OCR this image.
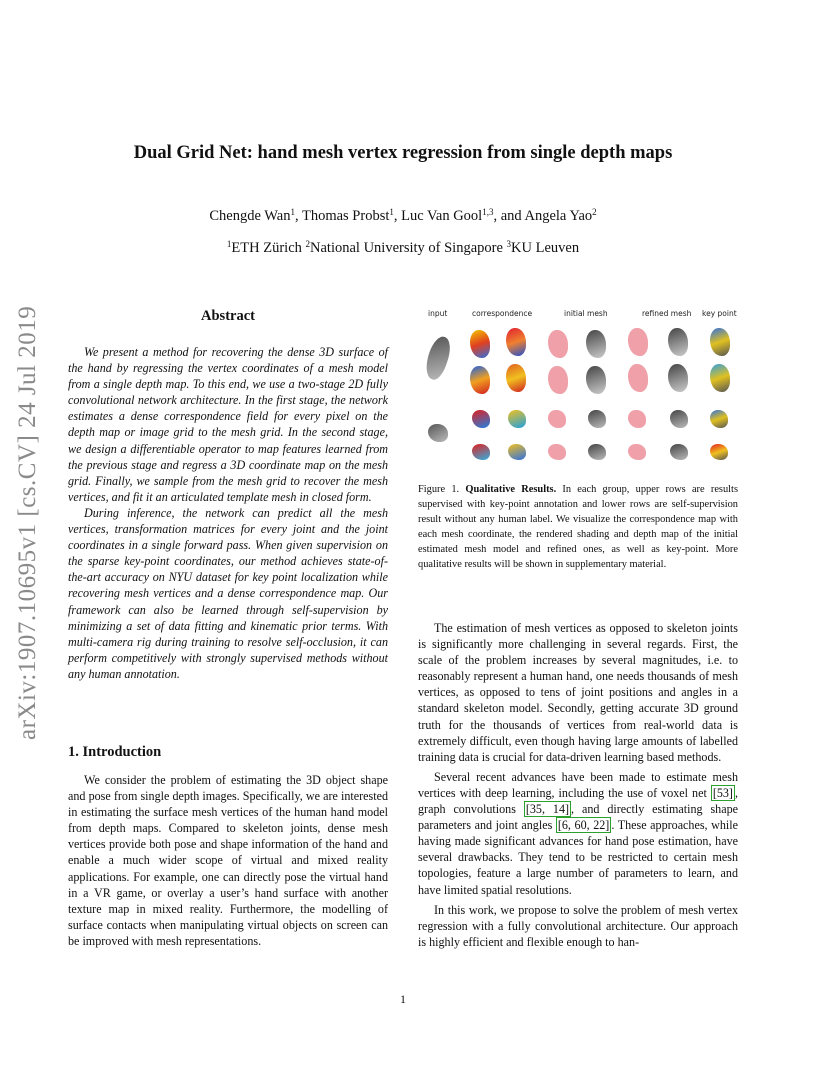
arXiv:1907.10695v1 [cs.CV] 24 Jul 2019
Dual Grid Net: hand mesh vertex regression from single depth maps
Chengde Wan$^1$, Thomas Probst$^1$, Luc Van Gool$^{1,3}$, and Angela Yao$^2$
$^1$ETH Zürich $^2$National University of Singapore $^3$KU Leuven
Abstract

We present a method for recovering the dense 3D surface of the hand by regressing the vertex coordinates of a mesh model from a single depth map. To this end, we use a two-stage 2D fully convolutional network architecture. In the first stage, the network estimates a dense correspondence field for every pixel on the depth map or image grid to the mesh grid. In the second stage, we design a differentiable operator to map features learned from the previous stage and regress a 3D coordinate map on the mesh grid. Finally, we sample from the mesh grid to recover the mesh vertices, and fit it an articulated template mesh in closed form.

During inference, the network can predict all the mesh vertices, transformation matrices for every joint and the joint coordinates in a single forward pass. When given supervision on the sparse key-point coordinates, our method achieves state-of-the-art accuracy on NYU dataset for key point localization while recovering mesh vertices and a dense correspondence map. Our framework can also be learned through self-supervision by minimizing a set of data fitting and kinematic prior terms. With multi-camera rig during training to resolve self-occlusion, it can perform competitively with strongly supervised methods without any human annotation.

1. Introduction

We consider the problem of estimating the 3D object shape and pose from single depth images. Specifically, we are interested in estimating the surface mesh vertices of the human hand model from depth maps. Compared to skeleton joints, dense mesh vertices provide both pose and shape information of the hand and enable a much wider scope of virtual and mixed reality applications. For example, one can directly pose the virtual hand in a VR game, or overlay a user’s hand surface with another texture map in mixed reality. Furthermore, the modelling of surface contacts when manipulating virtual objects on screen can be improved with mesh representations.

input	correspondence	initial mesh	refined mesh key point
Figure 1. Qualitative Results. In each group, upper rows are results supervised with key-point annotation and lower rows are self-supervision result without any human label. We visualize the correspondence map with each mesh coordinate, the rendered shading and depth map of the initial estimated mesh model and refined ones, as well as key-point. More qualitative results will be shown in supplementary material.

The estimation of mesh vertices as opposed to skeleton joints is significantly more challenging in several regards. First, the scale of the problem increases by several magnitudes, i.e. to reasonably represent a human hand, one needs thousands of mesh vertices, as opposed to tens of joint positions and angles in a standard skeleton model. Secondly, getting accurate 3D ground truth for the thousands of vertices from real-world data is extremely difficult, even though having large amounts of labelled training data is crucial for data-driven learning based methods.

Several recent advances have been made to estimate mesh vertices with deep learning, including the use of voxel net [53] , graph convolutions [35, 14] , and directly estimating shape parameters and joint angles [6, 60, 22] . These approaches, while having made significant advances for hand pose estimation, have several drawbacks. They tend to be restricted to certain mesh topologies, feature a large number of parameters to learn, and have limited spatial resolutions.

In this work, we propose to solve the problem of mesh vertex regression with a fully convolutional architecture. Our approach is highly efficient and flexible enough to han-

1
